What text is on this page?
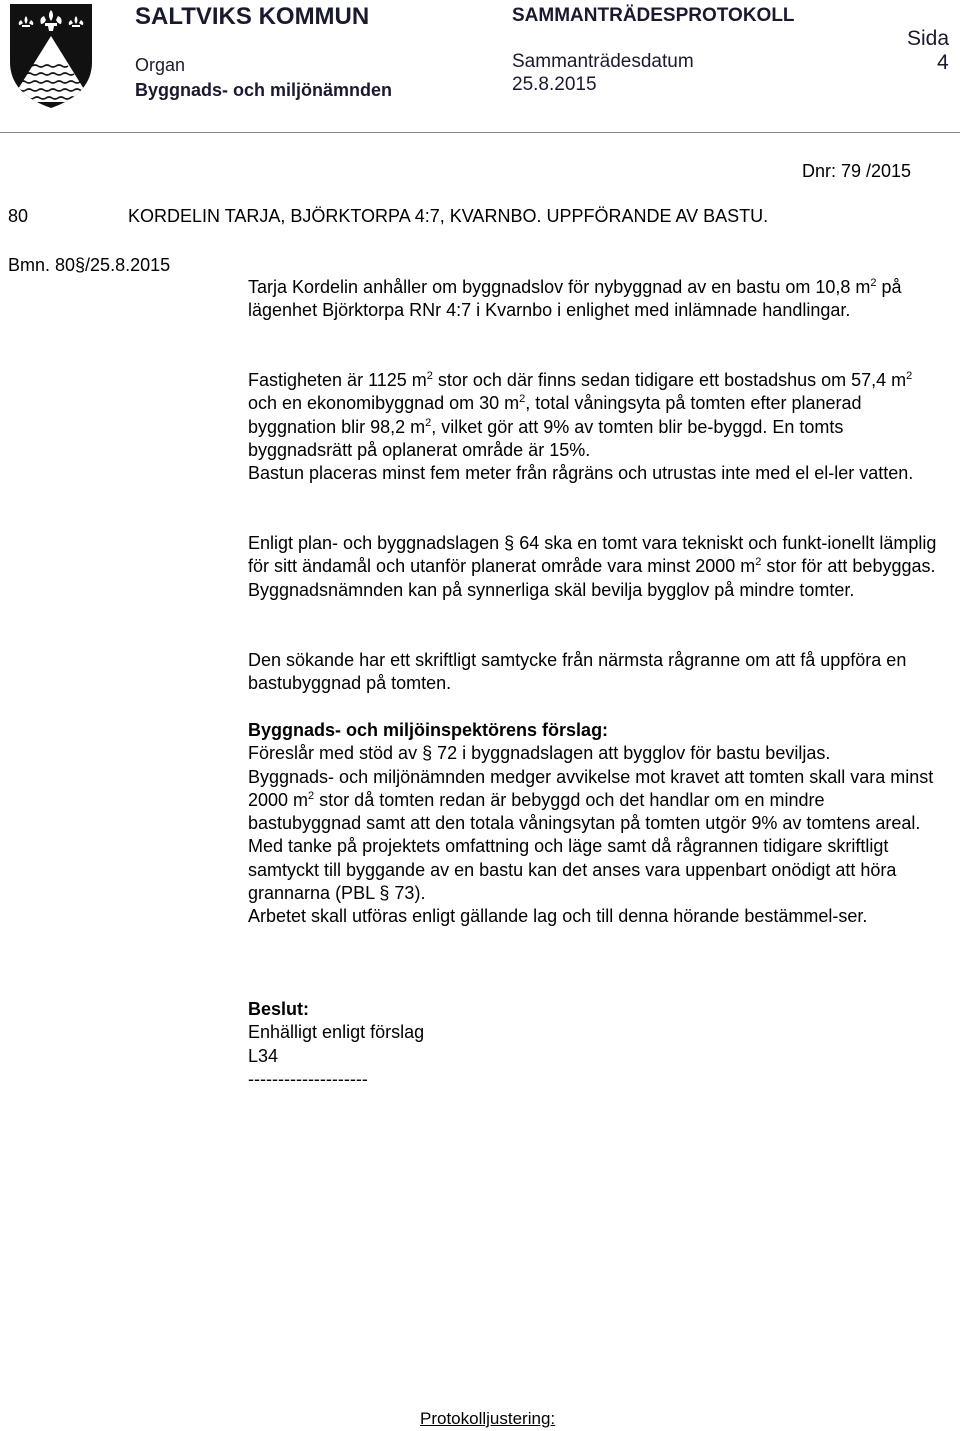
SALTVIKS KOMMUN
Organ
Byggnads- och miljönämnden
SAMMANTRÄDESPROTOKOLL
Sammanträdesdatum
25.8.2015
Sida
4
Dnr: 79 /2015
80	KORDELIN TARJA, BJÖRKTORPA 4:7, KVARNBO. UPPFÖRANDE AV BASTU.
Bmn. 80§/25.8.2015

Tarja Kordelin anhåller om byggnadslov för nybyggnad av en bastu om 10,8 $m^2$ på lägenhet Björktorpa RNr 4:7 i Kvarnbo i enlighet med inlämnade handlingar.

Fastigheten är 1125 $m^2$ stor och där finns sedan tidigare ett bostadshus om 57,4 $m^2$ och en ekonomibyggnad om 30 $m^2$, total våningsyta på tomten efter planerad byggnation blir 98,2 $m^2$, vilket gör att 9% av tomten blir be-byggd. En tomts byggnadsrätt på oplanerat område är 15%.

Bastun placeras minst fem meter från rågräns och utrustas inte med el el-ler vatten.

Enligt plan- och byggnadslagen § 64 ska en tomt vara tekniskt och funkt-ionellt lämplig för sitt ändamål och utanför planerat område vara minst 2000 $m^2$ stor för att bebyggas. Byggnadsnämnden kan på synnerliga skäl bevilja bygglov på mindre tomter.

Den sökande har ett skriftligt samtycke från närmsta rågranne om att få uppföra en bastubyggnad på tomten.

Byggnads- och miljöinspektörens förslag:

Föreslår med stöd av § 72 i byggnadslagen att bygglov för bastu beviljas.

Byggnads- och miljönämnden medger avvikelse mot kravet att tomten skall vara minst 2000 $m^2$ stor då tomten redan är bebyggd och det handlar om en mindre bastubyggnad samt att den totala våningsytan på tomten utgör 9% av tomtens areal.

Med tanke på projektets omfattning och läge samt då rågrannen tidigare skriftligt samtyckt till byggande av en bastu kan det anses vara uppenbart onödigt att höra grannarna (PBL § 73).

Arbetet skall utföras enligt gällande lag och till denna hörande bestämmel-ser.

Beslut:

Enhälligt enligt förslag

L34

--------------------

Protokolljustering:
